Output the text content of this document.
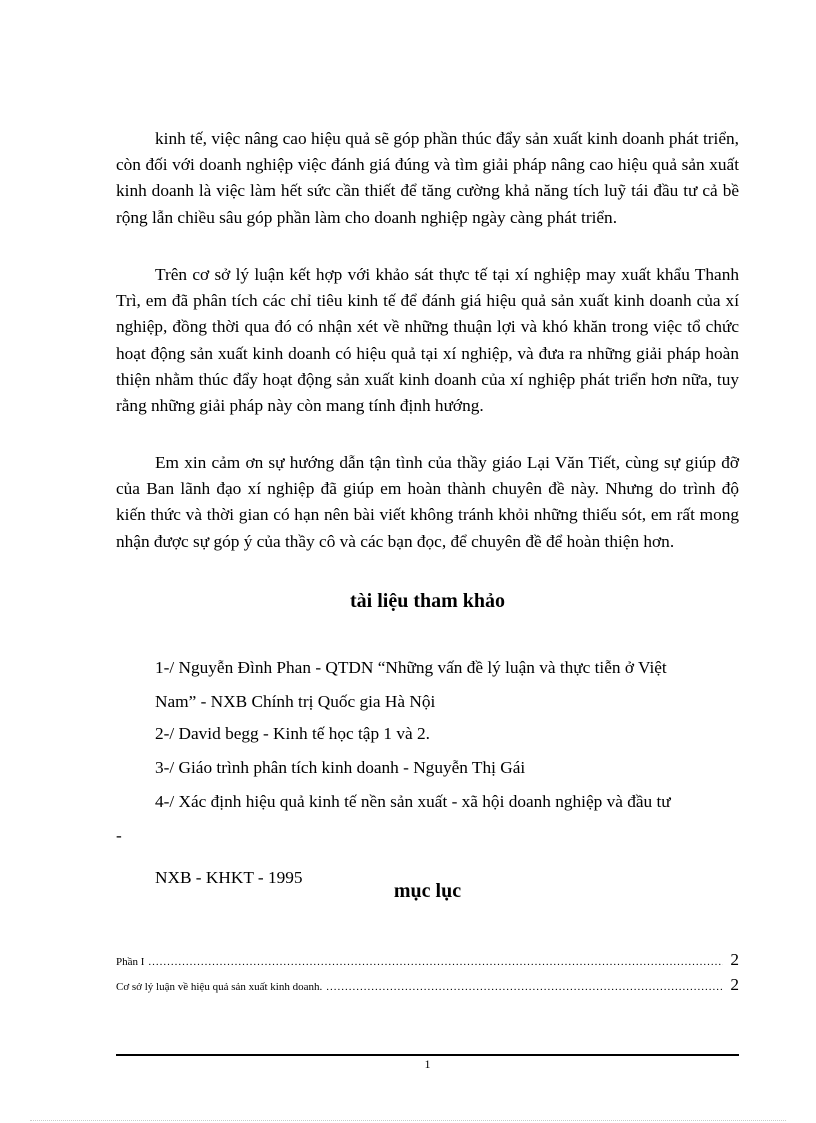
kinh tế, việc nâng cao hiệu quả sẽ góp phần thúc đẩy sản xuất kinh doanh phát triển, còn đối với doanh nghiệp việc đánh giá đúng và tìm giải pháp nâng cao hiệu quả sản xuất kinh doanh là việc làm hết sức cần thiết để tăng cường khả năng tích luỹ tái đầu tư cả bề rộng lẫn chiều sâu góp phần làm cho doanh nghiệp ngày càng phát triển.

Trên cơ sở lý luận kết hợp với khảo sát thực tế tại xí nghiệp may xuất khẩu Thanh Trì, em đã phân tích các chỉ tiêu kinh tế để đánh giá hiệu quả sản xuất kinh doanh của xí nghiệp, đồng thời qua đó có nhận xét về những thuận lợi và khó khăn trong việc tổ chức hoạt động sản xuất kinh doanh có hiệu quả tại xí nghiệp, và đưa ra những giải pháp hoàn thiện nhằm thúc đẩy hoạt động sản xuất kinh doanh của xí nghiệp phát triển hơn nữa, tuy rằng những giải pháp này còn mang tính định hướng.

Em xin cảm ơn sự hướng dẫn tận tình của thầy giáo Lại Văn Tiết, cùng sự giúp đỡ của Ban lãnh đạo xí nghiệp đã giúp em hoàn thành chuyên đề này. Nhưng do trình độ kiến thức và thời gian có hạn nên bài viết không tránh khỏi những thiếu sót, em rất mong nhận được sự góp ý của thầy cô và các bạn đọc, để chuyên đề để hoàn thiện hơn.

tài liệu tham khảo

1-/ Nguyễn Đình Phan - QTDN “Những vấn đề lý luận và thực tiễn ở Việt
Nam” - NXB Chính trị Quốc gia Hà Nội

2-/ David begg - Kinh tế học tập 1 và 2.

3-/ Giáo trình phân tích kinh doanh - Nguyễn Thị Gái

4-/ Xác định hiệu quả kinh tế nền sản xuất - xã hội doanh nghiệp và đầu tư
-
NXB - KHKT - 1995

mục lục
Phần I .....	2
Cơ sở lý luận về hiệu quả sản xuất kinh doanh. .....	2
1
